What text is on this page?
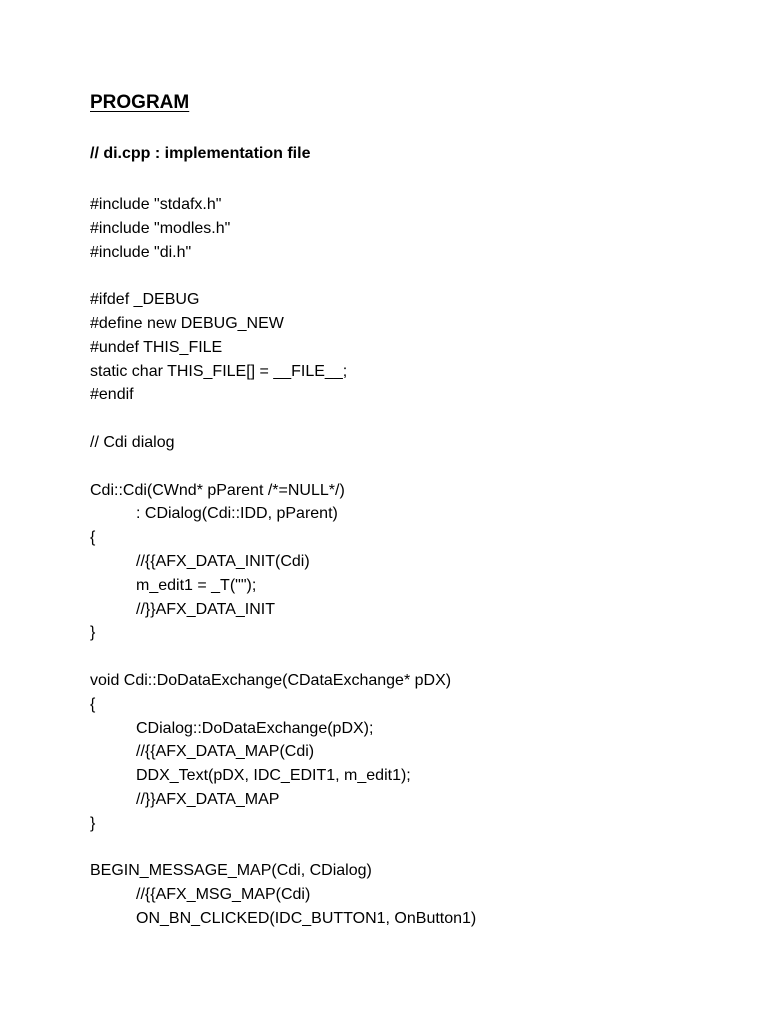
PROGRAM
// di.cpp : implementation file
#include "stdafx.h"
#include "modles.h"
#include "di.h"
#ifdef _DEBUG
#define new DEBUG_NEW
#undef THIS_FILE
static char THIS_FILE[] = __FILE__;
#endif
// Cdi dialog
Cdi::Cdi(CWnd* pParent /*=NULL*/)
: CDialog(Cdi::IDD, pParent)
{
//{{AFX_DATA_INIT(Cdi)
m_edit1 = _T("");
//}}AFX_DATA_INIT
}
void Cdi::DoDataExchange(CDataExchange* pDX)
{
CDialog::DoDataExchange(pDX);
//{{AFX_DATA_MAP(Cdi)
DDX_Text(pDX, IDC_EDIT1, m_edit1);
//}}AFX_DATA_MAP
}
BEGIN_MESSAGE_MAP(Cdi, CDialog)
//{{AFX_MSG_MAP(Cdi)
ON_BN_CLICKED(IDC_BUTTON1, OnButton1)
